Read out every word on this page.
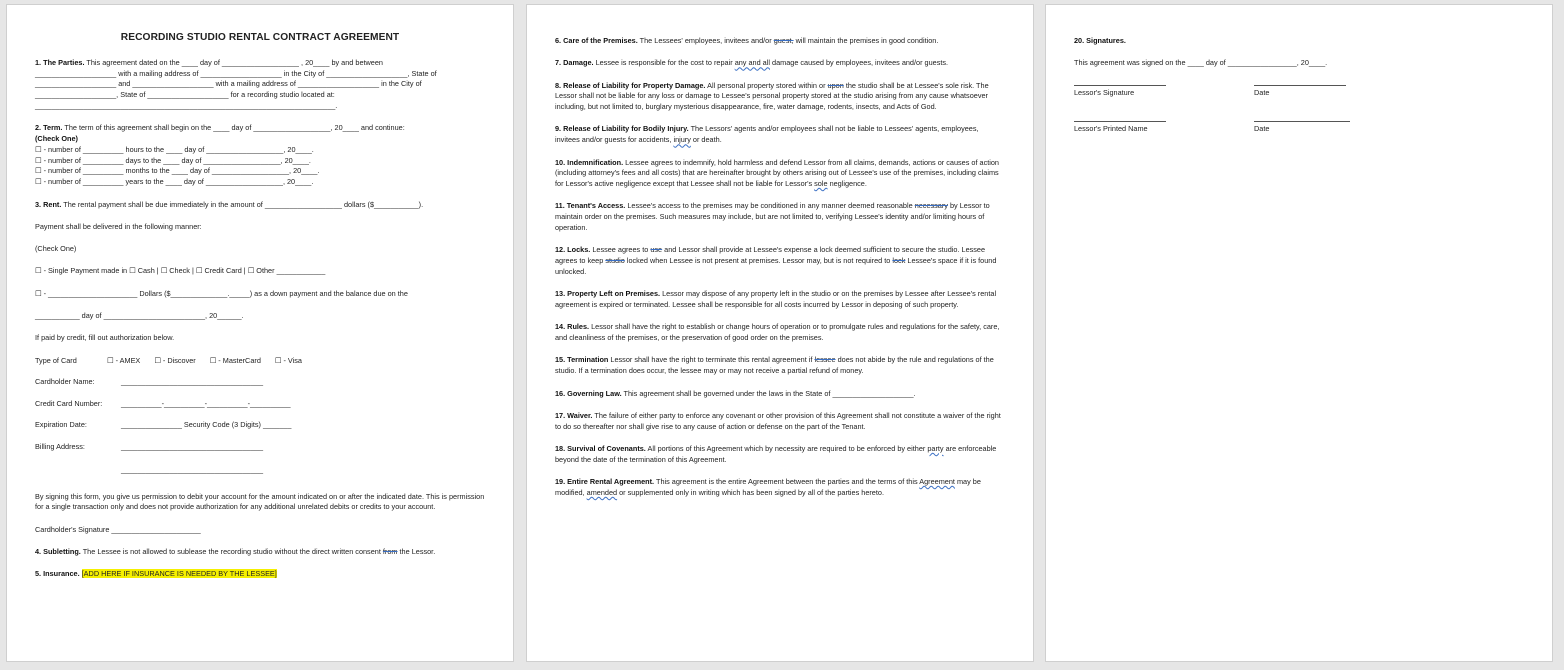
RECORDING STUDIO RENTAL CONTRACT AGREEMENT
1. The Parties. This agreement dated on the ____ day of ___________________ , 20____ by and between
____________________ with a mailing address of ____________________ in the City of ____________________, State of
____________________ and ____________________ with a mailing address of ____________________ in the City of
____________________, State of ____________________ for a recording studio located at:
__________________________________________________________________________.
2. Term. The term of this agreement shall begin on the ____ day of ___________________, 20____ and continue:
(Check One)
☐ - number of __________ hours to the ____ day of ___________________, 20____.
☐ - number of __________ days to the ____ day of ___________________, 20____.
☐ - number of __________ months to the ____ day of ___________________, 20____.
☐ - number of __________ years to the ____ day of ___________________, 20____.
3. Rent. The rental payment shall be due immediately in the amount of ___________________ dollars ($___________).
Payment shall be delivered in the following manner:
(Check One)
☐ - Single Payment made in ☐ Cash | ☐ Check | ☐ Credit Card | ☐ Other ____________
☐ - ______________________ Dollars ($______________._____) as a down payment and the balance due on the
___________ day of _________________________, 20______.
If paid by credit, fill out authorization below.
Type of Card	☐ - AMEX ☐ - Discover ☐ - MasterCard ☐ - Visa
Cardholder Name:	___________________________________
Credit Card Number:	__________-__________-__________-__________
Expiration Date:	_______________ Security Code (3 Digits) _______
Billing Address:	___________________________________
___________________________________
By signing this form, you give us permission to debit your account for the amount indicated on or after the indicated date. This is permission for a single transaction only and does not provide authorization for any additional unrelated debits or credits to your account.
Cardholder's Signature ______________________
4. Subletting. The Lessee is not allowed to sublease the recording studio without the direct written consent from the Lessor.
5. Insurance. [ADD HERE IF INSURANCE IS NEEDED BY THE LESSEE]
6. Care of the Premises. The Lessees' employees, invitees and/or guest, will maintain the premises in good condition.
7. Damage. Lessee is responsible for the cost to repair any and all damage caused by employees, invitees and/or guests.
8. Release of Liability for Property Damage. All personal property stored within or upon the studio shall be at Lessee's sole risk. The Lessor shall not be liable for any loss or damage to Lessee's personal property stored at the studio arising from any cause whatsoever including, but not limited to, burglary mysterious disappearance, fire, water damage, rodents, insects, and Acts of God.
9. Release of Liability for Bodily Injury. The Lessors' agents and/or employees shall not be liable to Lessees' agents, employees, invitees and/or guests for accidents, injury or death.
10. Indemnification. Lessee agrees to indemnify, hold harmless and defend Lessor from all claims, demands, actions or causes of action (including attorney's fees and all costs) that are hereinafter brought by others arising out of Lessee's use of the premises, including claims for Lessor's active negligence except that Lessee shall not be liable for Lessor's sole negligence.
11. Tenant's Access. Lessee's access to the premises may be conditioned in any manner deemed reasonable necessary by Lessor to maintain order on the premises. Such measures may include, but are not limited to, verifying Lessee's identity and/or limiting hours of operation.
12. Locks. Lessee agrees to use and Lessor shall provide at Lessee's expense a lock deemed sufficient to secure the studio. Lessee agrees to keep studio locked when Lessee is not present at premises. Lessor may, but is not required to lock Lessee's space if it is found unlocked.
13. Property Left on Premises. Lessor may dispose of any property left in the studio or on the premises by Lessee after Lessee's rental agreement is expired or terminated. Lessee shall be responsible for all costs incurred by Lessor in deposing of such property.
14. Rules. Lessor shall have the right to establish or change hours of operation or to promulgate rules and regulations for the safety, care, and cleanliness of the premises, or the preservation of good order on the premises.
15. Termination Lessor shall have the right to terminate this rental agreement if lessee does not abide by the rule and regulations of the studio. If a termination does occur, the lessee may or may not receive a partial refund of money.
16. Governing Law. This agreement shall be governed under the laws in the State of ____________________.
17. Waiver. The failure of either party to enforce any covenant or other provision of this Agreement shall not constitute a waiver of the right to do so thereafter nor shall give rise to any cause of action or defense on the part of the Tenant.
18. Survival of Covenants. All portions of this Agreement which by necessity are required to be enforced by either party are enforceable beyond the date of the termination of this Agreement.
19. Entire Rental Agreement. This agreement is the entire Agreement between the parties and the terms of this Agreement may be modified, amended or supplemented only in writing which has been signed by all of the parties hereto.
20. Signatures.
This agreement was signed on the ____ day of _________________, 20____.
Lessor's Signature	Date
Lessor's Printed Name	Date
